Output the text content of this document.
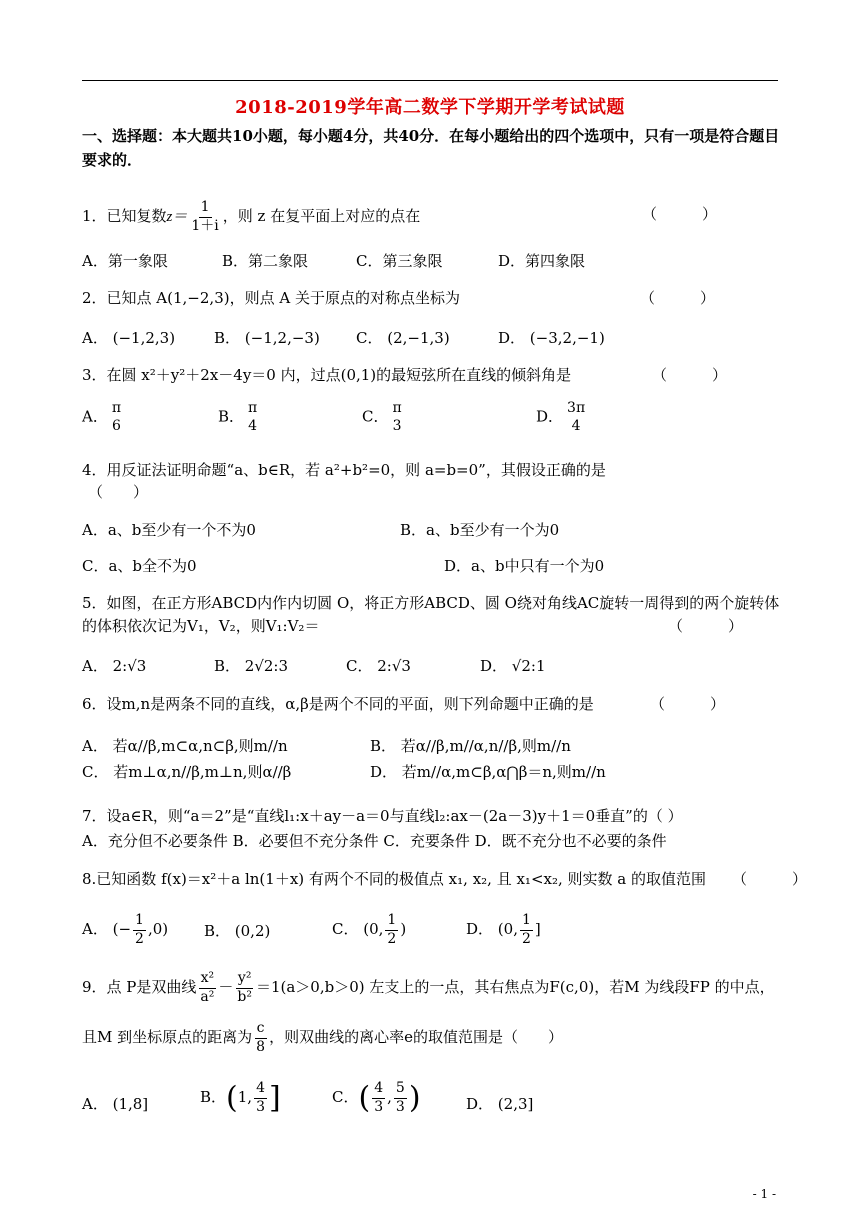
2018-2019学年高二数学下学期开学考试试题
一、选择题：本大题共10小题，每小题4分，共40分．在每小题给出的四个选项中，只有一项是符合题目要求的．
1．已知复数$z= \frac{1}{1+i}$ ，则 z 在复平面上对应的点在	（　　　）
A．第一象限	B．第二象限	C．第三象限	D．第四象限
2．已知点 A(1,−2,3)，则点 A 关于原点的对称点坐标为	（　　　）
A． (−1,2,3)	B． (−1,2,−3) C． (2,−1,3)	D． (−3,2,−1)
3．在圆 x²＋y²＋2x－4y＝0 内，过点(0,1)的最短弦所在直线的倾斜角是	（　　　）
A． π
6	B． π
4	C． π
3	D． 3π
4
4．用反证法证明命题“a、b∈R，若 a²+b²=0，则 a=b=0”，其假设正确的是
（　　）
A．a、b至少有一个不为0	B．a、b至少有一个为0
C．a、b全不为0	D．a、b中只有一个为0
5．如图，在正方形ABCD内作内切圆 O，将正方形ABCD、圆 O绕对角线AC旋转一周得到的两个旋转体
的体积依次记为V₁，V₂，则V₁:V₂＝	（　　　）
A． 2:√3	B． 2√2:3	C． 2:√3	D． √2:1
6．设m,n是两条不同的直线，α,β是两个不同的平面，则下列命题中正确的是	（　　　）
A． 若α//β,m⊂α,n⊂β,则m//n	B． 若α//β,m//α,n//β,则m//n
C． 若m⊥α,n//β,m⊥n,则α//β	D． 若m//α,m⊂β,α⋂β＝n,则m//n
7．设a∈R，则“a＝2”是“直线l₁:x＋ay－a＝0与直线l₂:ax－(2a－3)y＋1＝0垂直”的（ ）
A．充分但不必要条件 B．必要但不充分条件 C．充要条件 D．既不充分也不必要的条件
8.已知函数 f(x)＝x²＋a ln(1＋x) 有两个不同的极值点 x₁, x₂, 且 x₁<x₂, 则实数 a 的取值范围 （　　　）
A． (− $\frac{1}{2} ,0$) B． (0,2)	C． (0, $\frac{1}{2}$ )	D． (0, $\frac{1}{2}$ ]
9．点 P是双曲线 $\frac{\text{x²}}{\text{a²}} - \frac{\text{y²}}{\text{b²}} =1(a>0,b>0)$ 左支上的一点，其右焦点为F(c,0)，若M 为线段FP 的中点，
且M 到坐标原点的距离为 $\frac{c}{8}$ ，则双曲线的离心率e的取值范围是（　　）
A． (1,8]	B．(1, $\frac{4}{3}$ ]	C．( $\frac{4}{3}$ , $\frac{5}{3}$ )	D． (2,3]
- 1 -
